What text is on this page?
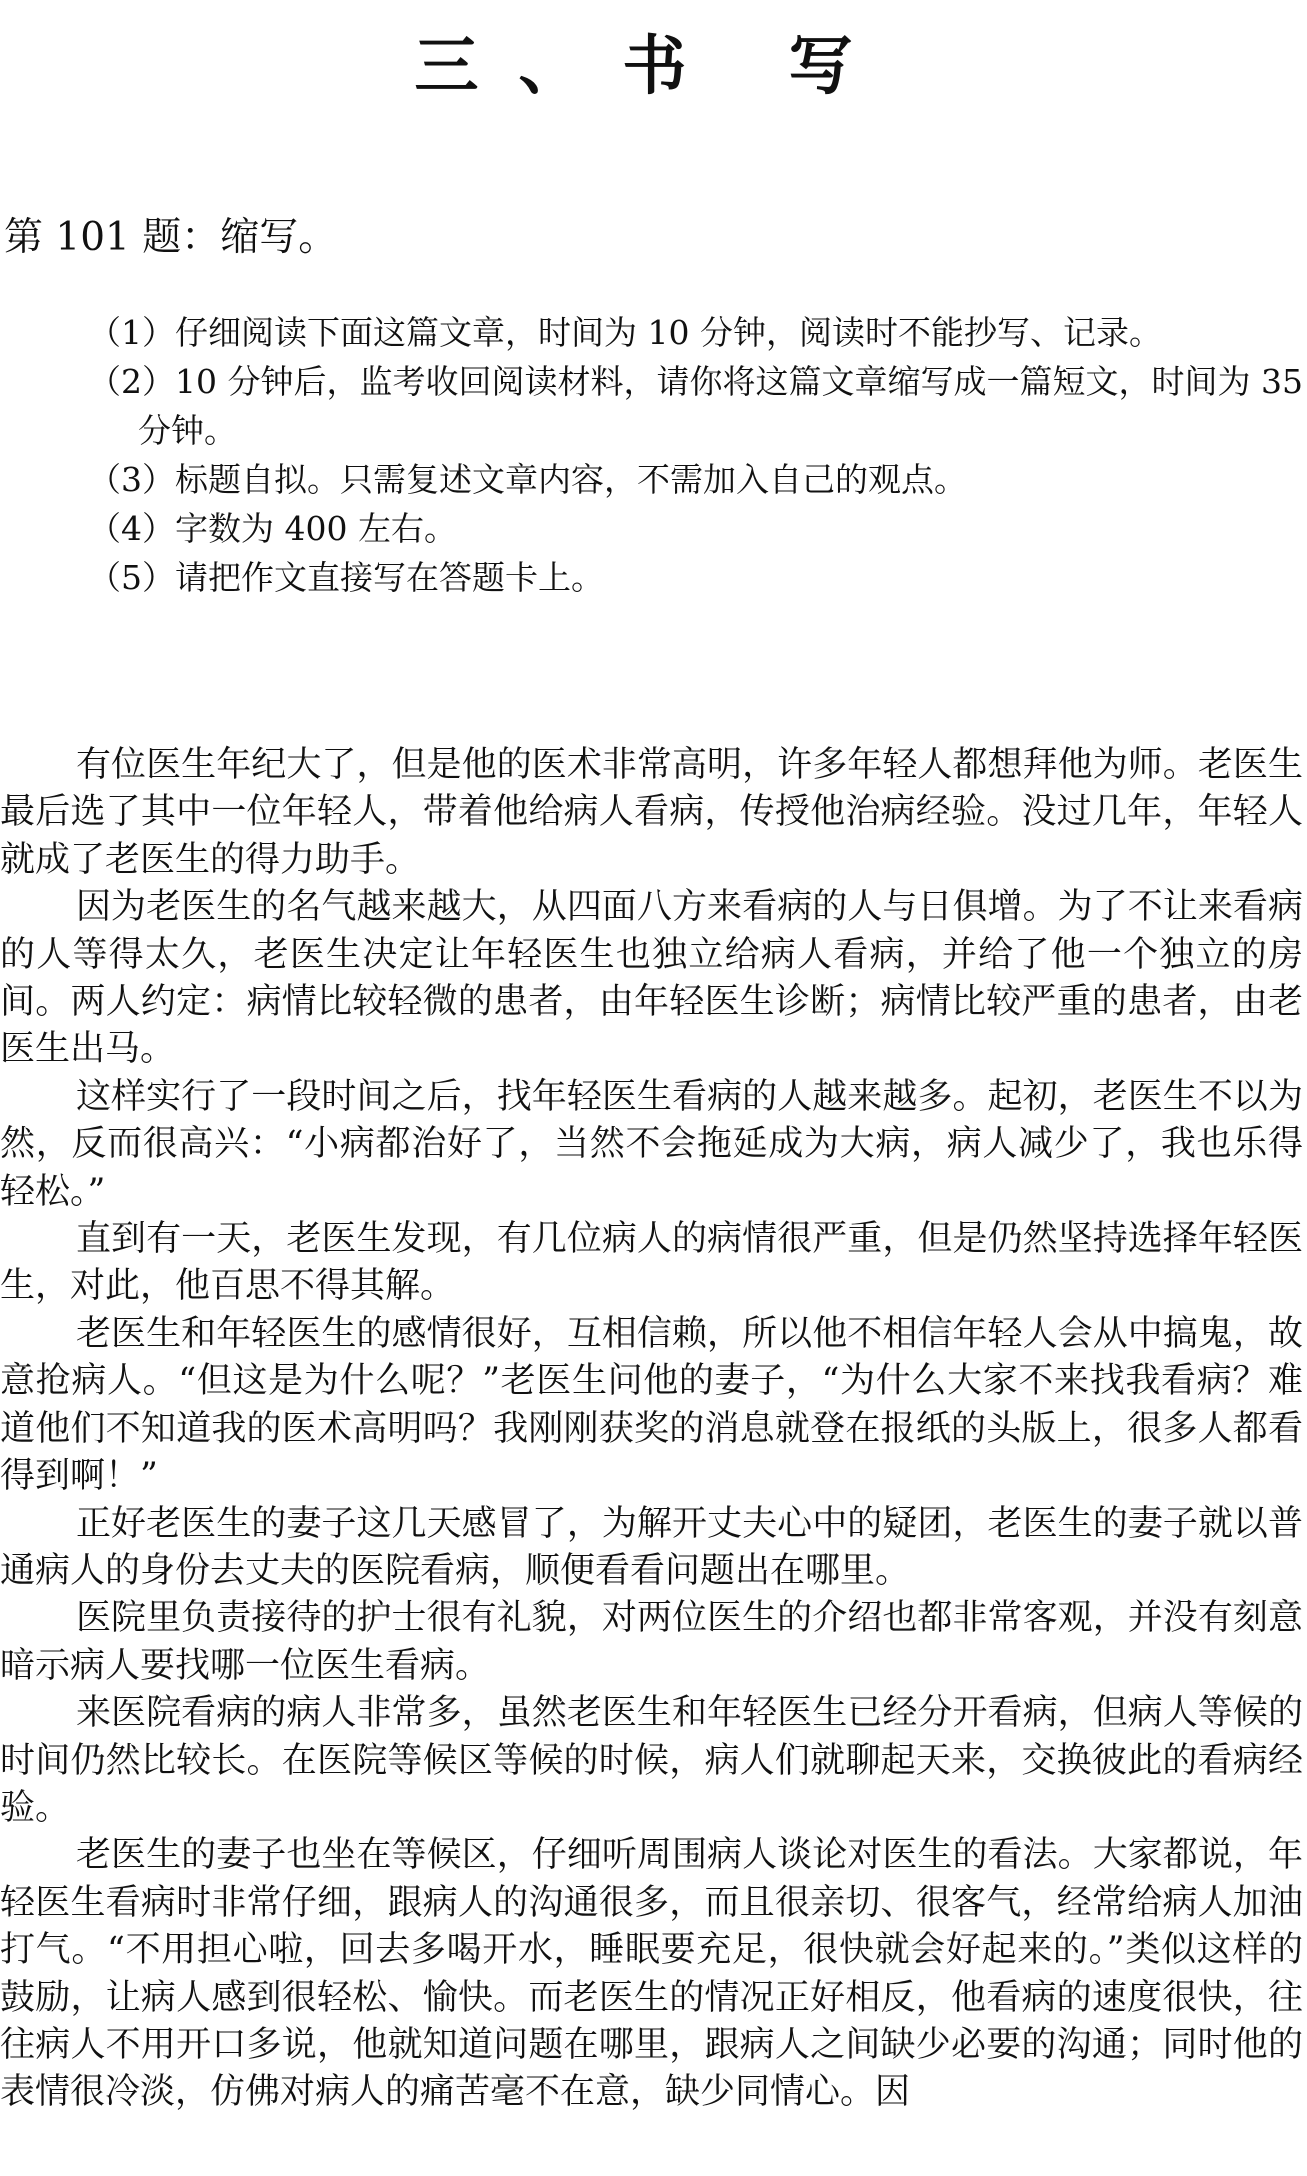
三、书 写
第 101 题：缩写。
（1）仔细阅读下面这篇文章，时间为 10 分钟，阅读时不能抄写、记录。
（2）10 分钟后，监考收回阅读材料，请你将这篇文章缩写成一篇短文，时间为 35 分钟。
（3）标题自拟。只需复述文章内容，不需加入自己的观点。
（4）字数为 400 左右。
（5）请把作文直接写在答题卡上。

有位医生年纪大了，但是他的医术非常高明，许多年轻人都想拜他为师。老医生最后选了其中一位年轻人，带着他给病人看病，传授他治病经验。没过几年，年轻人就成了老医生的得力助手。

因为老医生的名气越来越大，从四面八方来看病的人与日俱增。为了不让来看病的人等得太久，老医生决定让年轻医生也独立给病人看病，并给了他一个独立的房间。两人约定：病情比较轻微的患者，由年轻医生诊断；病情比较严重的患者，由老医生出马。

这样实行了一段时间之后，找年轻医生看病的人越来越多。起初，老医生不以为然，反而很高兴：“小病都治好了，当然不会拖延成为大病，病人减少了，我也乐得轻松。”

直到有一天，老医生发现，有几位病人的病情很严重，但是仍然坚持选择年轻医生，对此，他百思不得其解。

老医生和年轻医生的感情很好，互相信赖，所以他不相信年轻人会从中搞鬼，故意抢病人。“但这是为什么呢？”老医生问他的妻子，“为什么大家不来找我看病？难道他们不知道我的医术高明吗？我刚刚获奖的消息就登在报纸的头版上，很多人都看得到啊！”

正好老医生的妻子这几天感冒了，为解开丈夫心中的疑团，老医生的妻子就以普通病人的身份去丈夫的医院看病，顺便看看问题出在哪里。

医院里负责接待的护士很有礼貌，对两位医生的介绍也都非常客观，并没有刻意暗示病人要找哪一位医生看病。

来医院看病的病人非常多，虽然老医生和年轻医生已经分开看病，但病人等候的时间仍然比较长。在医院等候区等候的时候，病人们就聊起天来，交换彼此的看病经验。

老医生的妻子也坐在等候区，仔细听周围病人谈论对医生的看法。大家都说，年轻医生看病时非常仔细，跟病人的沟通很多，而且很亲切、很客气，经常给病人加油打气。“不用担心啦，回去多喝开水，睡眠要充足，很快就会好起来的。”类似这样的鼓励，让病人感到很轻松、愉快。而老医生的情况正好相反，他看病的速度很快，往往病人不用开口多说，他就知道问题在哪里，跟病人之间缺少必要的沟通；同时他的表情很冷淡，仿佛对病人的痛苦毫不在意，缺少同情心。因
